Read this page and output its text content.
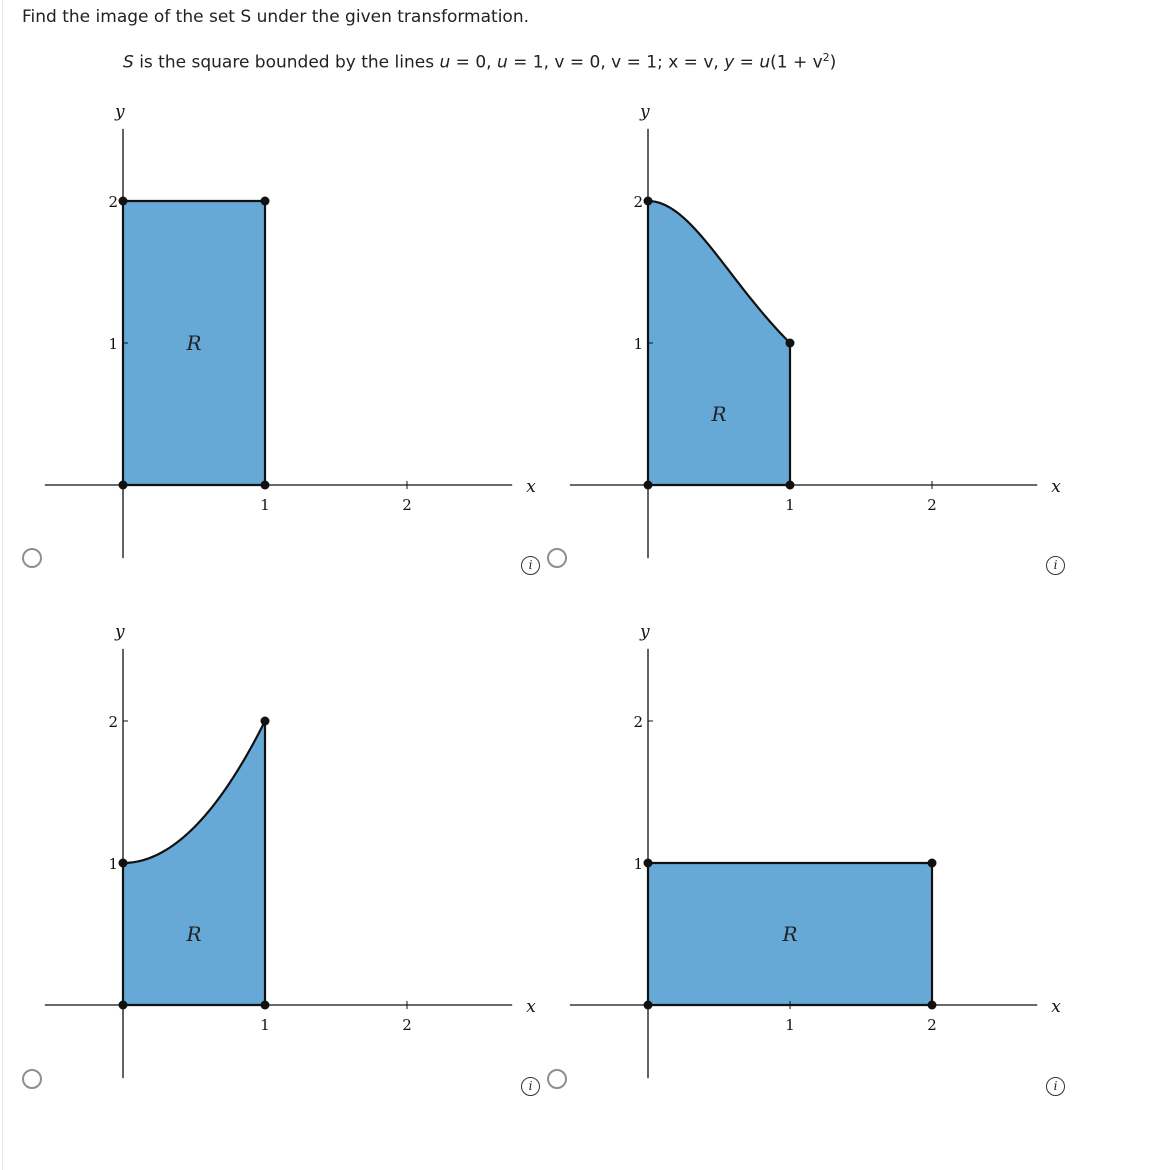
Find the image of the set S under the given transformation.
S is the square bounded by the lines u = 0, u = 1, v = 0, v = 1; x = v, $y = u(1 + v^2)$
x
y
1	2
1
2
R
i
x
y
1	2
1
2
R
i
x
y
1	2
1
2
R
i
x
y
1	2
1
2
R
i
